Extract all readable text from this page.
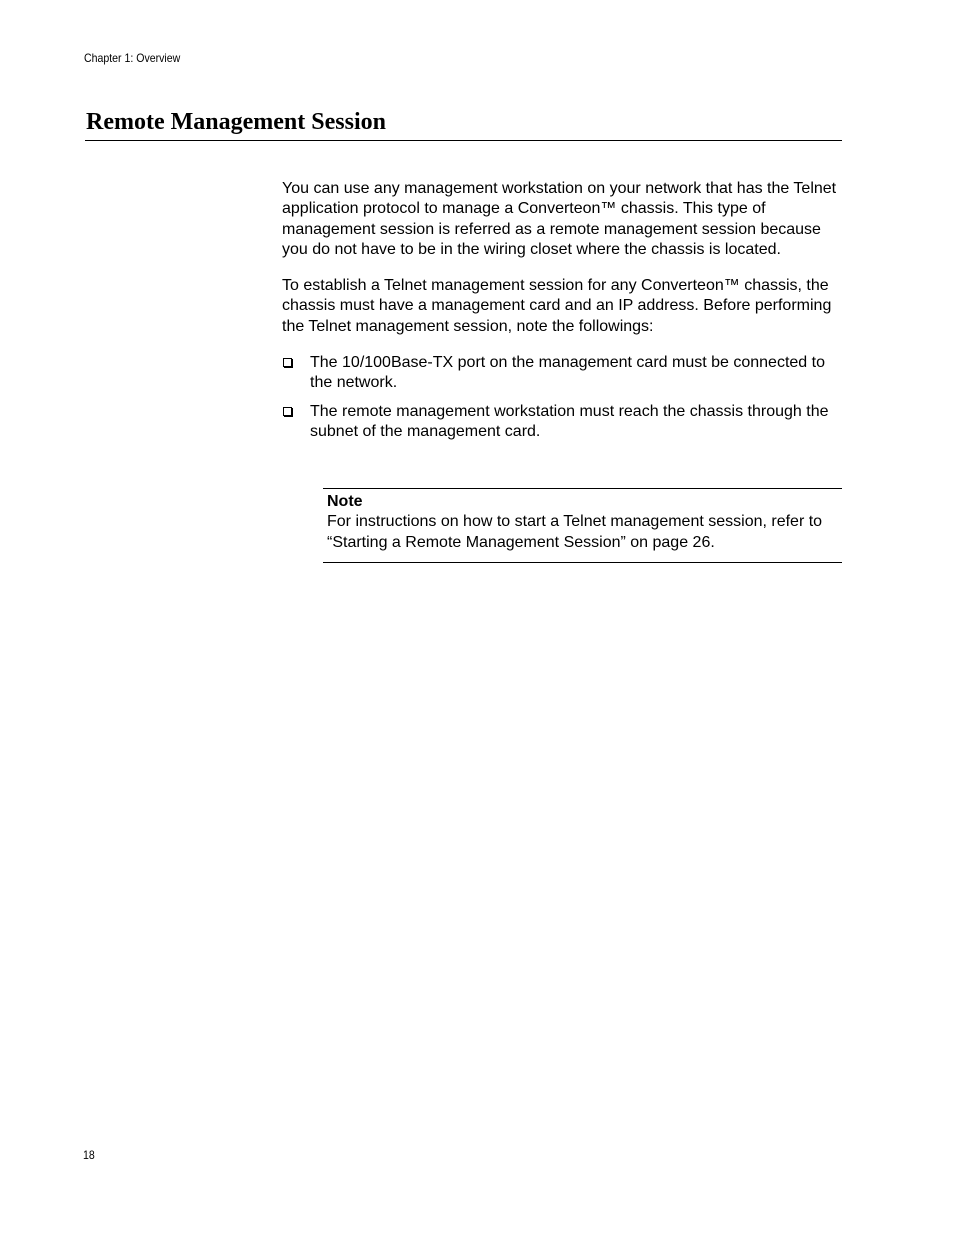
Chapter 1: Overview
Remote Management Session

You can use any management workstation on your network that has the Telnet application protocol to manage a Converteon™ chassis. This type of management session is referred as a remote management session because you do not have to be in the wiring closet where the chassis is located.

To establish a Telnet management session for any Converteon™ chassis, the chassis must have a management card and an IP address. Before performing the Telnet management session, note the followings:

The 10/100Base-TX port on the management card must be connected to the network.
The remote management workstation must reach the chassis through the subnet of the management card.
Note
For instructions on how to start a Telnet management session, refer to “Starting a Remote Management Session” on page 26.
18
